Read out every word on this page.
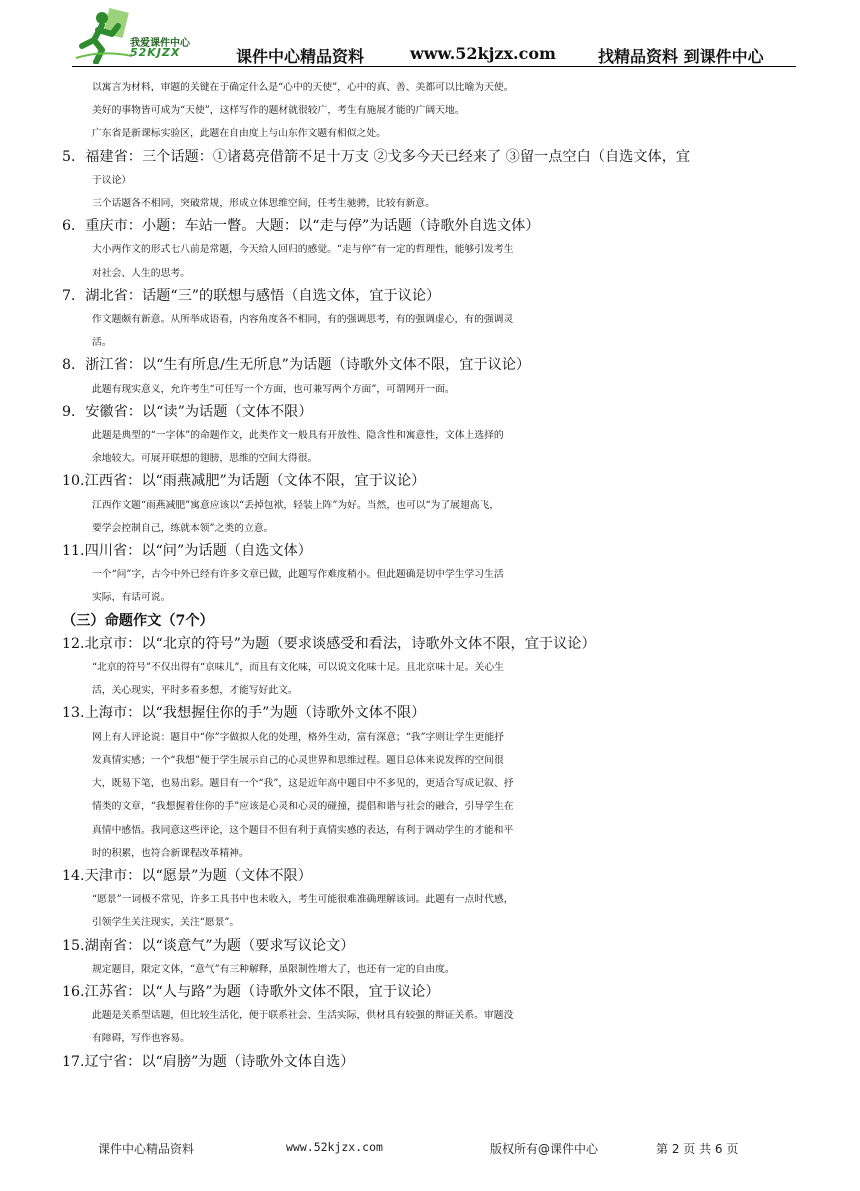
我爱课件中心
52KJZX	课件中心精品资料	www.52kjzx.com	找精品资料 到课件中心
以寓言为材料，审题的关键在于确定什么是“心中的天使”，心中的真、善、美都可以比喻为天使。
美好的事物皆可成为“天使”，这样写作的题材就很较广，考生有施展才能的广阔天地。
广东省是新课标实验区，此题在自由度上与山东作文题有相似之处。
5．福建省：三个话题：①诸葛亮借箭不足十万支 ②戈多今天已经来了 ③留一点空白（自选文体，宜
于议论）
三个话题各不相同，突破常规，形成立体思维空间，任考生驰骋，比较有新意。
6．重庆市：小题：车站一瞥。大题：以“走与停”为话题（诗歌外自选文体）
大小两作文的形式七八前是常题，今天给人回归的感觉。“走与停”有一定的哲理性，能够引发考生
对社会、人生的思考。
7．湖北省：话题“三”的联想与感悟（自选文体，宜于议论）
作文题颇有新意。从所举成语看，内容角度各不相同，有的强调思考，有的强调虚心，有的强调灵
活。
8．浙江省：以“生有所息/生无所息”为话题（诗歌外文体不限，宜于议论）
此题有现实意义，允许考生“可任写一个方面，也可兼写两个方面”，可谓网开一面。
9．安徽省：以“读”为话题（文体不限）
此题是典型的“一字体”的命题作文，此类作文一般具有开放性、隐含性和寓意性，文体上选择的
余地较大。可展开联想的翅膀，思维的空间大得很。
10.江西省：以“雨燕减肥”为话题（文体不限，宜于议论）
江西作文题“雨燕减肥”寓意应该以“丢掉包袱，轻装上阵”为好。当然，也可以“为了展翅高飞，
要学会控制自己，练就本领”之类的立意。
11.四川省：以“问”为话题（自选文体）
一个“问”字，古今中外已经有许多文章已做，此题写作难度稍小。但此题确是切中学生学习生活
实际，有话可说。
（三）命题作文（7个）
12.北京市：以“北京的符号”为题（要求谈感受和看法，诗歌外文体不限，宜于议论）
“北京的符号”不仅出得有“京味儿”，而且有文化味，可以说文化味十足。且北京味十足。关心生
活，关心现实，平时多看多想，才能写好此文。
13.上海市：以“我想握住你的手”为题（诗歌外文体不限）
网上有人评论说：题目中“你”字做拟人化的处理，格外生动，富有深意；“我”字则让学生更能抒
发真情实感；一个“我想”便于学生展示自己的心灵世界和思维过程。题目总体来说发挥的空间很
大，既易下笔，也易出彩。题目有一个“我”，这是近年高中题目中不多见的，更适合写成记叙、抒
情类的文章，“我想握着住你的手”应该是心灵和心灵的碰撞，提倡和谐与社会的融合，引导学生在
真情中感悟。我同意这些评论，这个题目不但有利于真情实感的表达，有利于调动学生的才能和平
时的积累，也符合新课程改革精神。
14.天津市：以“愿景”为题（文体不限）
“愿景”一词极不常见，许多工具书中也未收入，考生可能很难准确理解该词。此题有一点时代感，
引领学生关注现实，关注“愿景”。
15.湖南省：以“谈意气”为题（要求写议论文）
规定题目，限定文体，“意气”有三种解释，虽限制性增大了，也还有一定的自由度。
16.江苏省：以“人与路”为题（诗歌外文体不限，宜于议论）
此题是关系型话题，但比较生活化，便于联系社会、生活实际，供材具有较强的辩证关系。审题没
有障碍，写作也容易。
17.辽宁省：以“肩膀”为题（诗歌外文体自选）
课件中心精品资料	www.52kjzx.com	版权所有@课件中心	第 2 页 共 6 页
